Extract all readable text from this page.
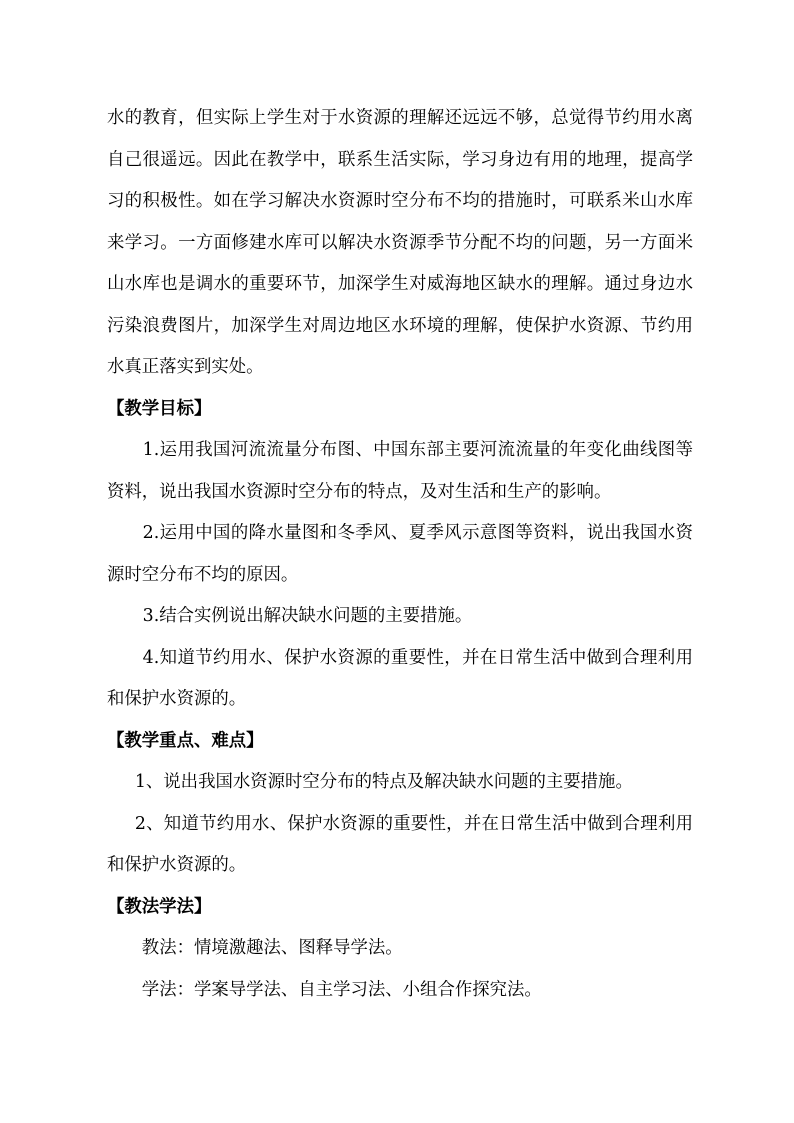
水的教育，但实际上学生对于水资源的理解还远远不够，总觉得节约用水离自己很遥远。因此在教学中，联系生活实际，学习身边有用的地理，提高学习的积极性。如在学习解决水资源时空分布不均的措施时，可联系米山水库来学习。一方面修建水库可以解决水资源季节分配不均的问题，另一方面米山水库也是调水的重要环节，加深学生对威海地区缺水的理解。通过身边水污染浪费图片，加深学生对周边地区水环境的理解，使保护水资源、节约用水真正落实到实处。

【教学目标】

1.运用我国河流流量分布图、中国东部主要河流流量的年变化曲线图等资料，说出我国水资源时空分布的特点，及对生活和生产的影响。

2.运用中国的降水量图和冬季风、夏季风示意图等资料，说出我国水资源时空分布不均的原因。

3.结合实例说出解决缺水问题的主要措施。

4.知道节约用水、保护水资源的重要性，并在日常生活中做到合理利用和保护水资源的。

【教学重点、难点】

1、说出我国水资源时空分布的特点及解决缺水问题的主要措施。

2、知道节约用水、保护水资源的重要性，并在日常生活中做到合理利用和保护水资源的。

【教法学法】

教法：情境激趣法、图释导学法。

学法：学案导学法、自主学习法、小组合作探究法。
